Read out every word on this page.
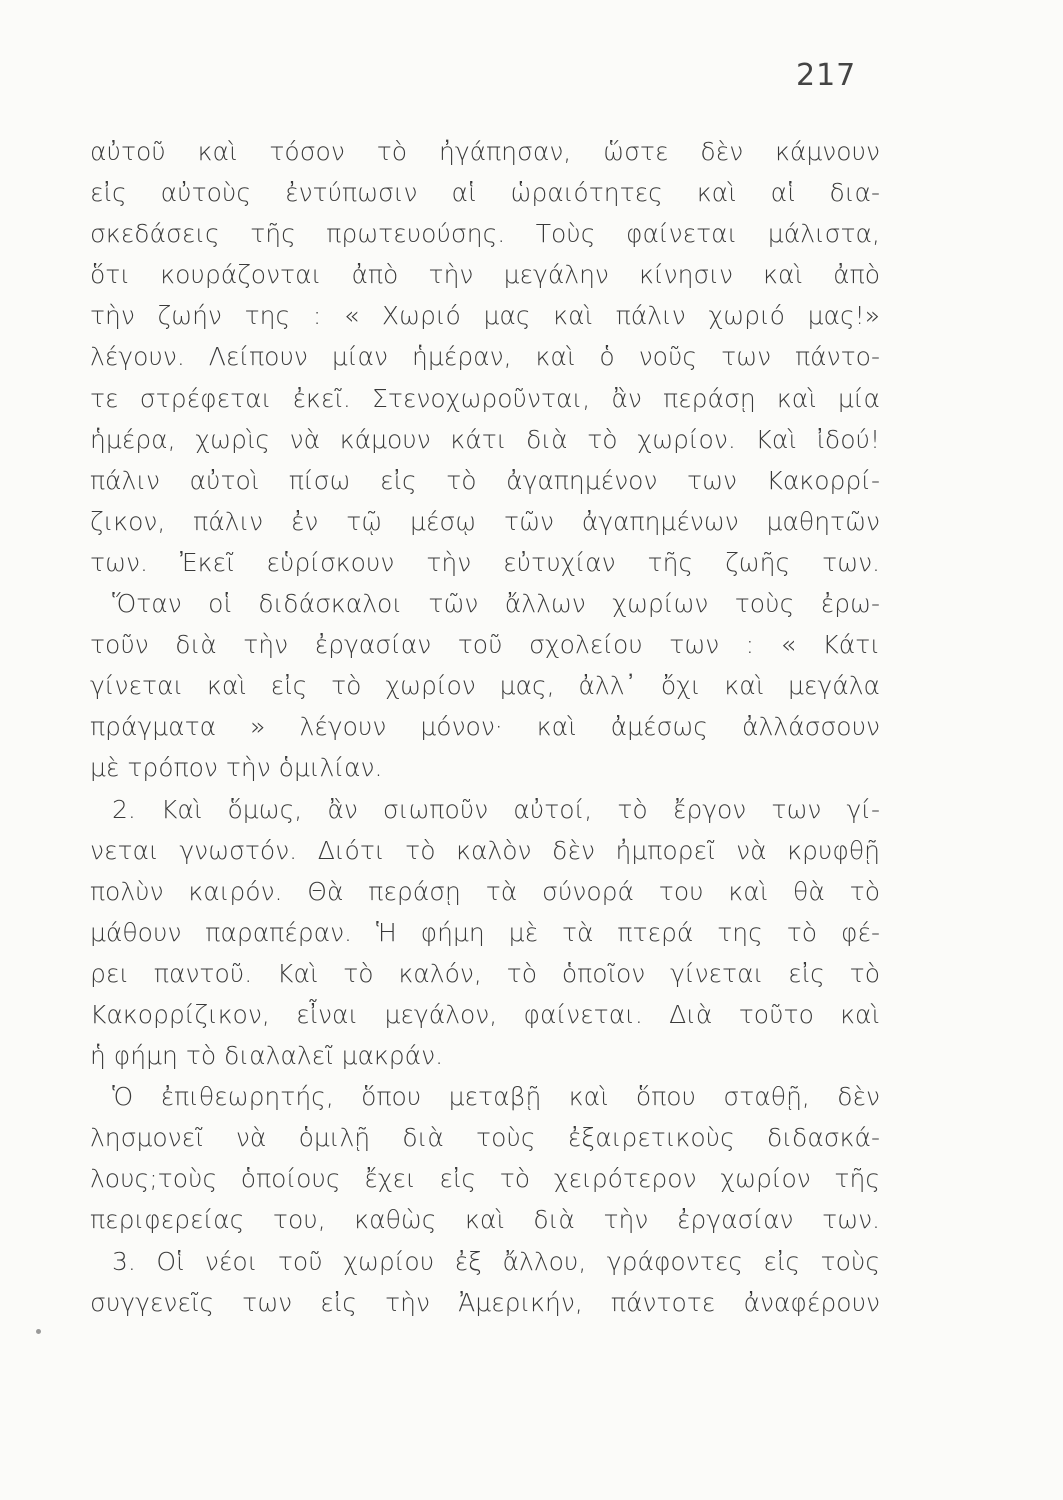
217
αὐτοῦ καὶ τόσον τὸ ἠγάπησαν, ὥστε δὲν κάμνουν
εἰς αὐτοὺς ἐντύπωσιν αἱ ὡραιότητες καὶ αἱ δια-
σκεδάσεις τῆς πρωτευούσης. Τοὺς φαίνεται μάλιστα,
ὅτι κουράζονται ἀπὸ τὴν μεγάλην κίνησιν καὶ ἀπὸ
τὴν ζωήν της : « Χωριό μας καὶ πάλιν χωριό μας!»
λέγουν. Λείπουν μίαν ἡμέραν, καὶ ὁ νοῦς των πάντο-
τε στρέφεται ἐκεῖ. Στενοχωροῦνται, ἂν περάσῃ καὶ μία
ἡμέρα, χωρὶς νὰ κάμουν κάτι διὰ τὸ χωρίον. Καὶ ἰδού!
πάλιν αὐτοὶ πίσω εἰς τὸ ἀγαπημένον των Κακορρί-
ζικον, πάλιν ἐν τῷ μέσῳ τῶν ἀγαπημένων μαθητῶν
των. Ἐκεῖ εὑρίσκουν τὴν εὐτυχίαν τῆς ζωῆς των.
Ὅταν οἱ διδάσκαλοι τῶν ἄλλων χωρίων τοὺς ἐρω-
τοῦν διὰ τὴν ἐργασίαν τοῦ σχολείου των : « Κάτι
γίνεται καὶ εἰς τὸ χωρίον μας, ἀλλ᾽ ὄχι καὶ μεγάλα
πράγματα » λέγουν μόνον· καὶ ἀμέσως ἀλλάσσουν
μὲ τρόπον τὴν ὁμιλίαν.
2. Καὶ ὅμως, ἂν σιωποῦν αὐτοί, τὸ ἔργον των γί-
νεται γνωστόν. Διότι τὸ καλὸν δὲν ἠμπορεῖ νὰ κρυφθῇ
πολὺν καιρόν. Θὰ περάσῃ τὰ σύνορά του καὶ θὰ τὸ
μάθουν παραπέραν. Ἡ φήμη μὲ τὰ πτερά της τὸ φέ-
ρει παντοῦ. Καὶ τὸ καλόν, τὸ ὁποῖον γίνεται εἰς τὸ
Κακορρίζικον, εἶναι μεγάλον, φαίνεται. Διὰ τοῦτο καὶ
ἡ φήμη τὸ διαλαλεῖ μακράν.
Ὁ ἐπιθεωρητής, ὅπου μεταβῇ καὶ ὅπου σταθῇ, δὲν
λησμονεῖ νὰ ὁμιλῇ διὰ τοὺς ἐξαιρετικοὺς διδασκά-
λους;τοὺς ὁποίους ἔχει εἰς τὸ χειρότερον χωρίον τῆς
περιφερείας του, καθὼς καὶ διὰ τὴν ἐργασίαν των.
3. Οἱ νέοι τοῦ χωρίου ἐξ ἄλλου, γράφοντες εἰς τοὺς
συγγενεῖς των εἰς τὴν Ἀμερικήν, πάντοτε ἀναφέρουν
